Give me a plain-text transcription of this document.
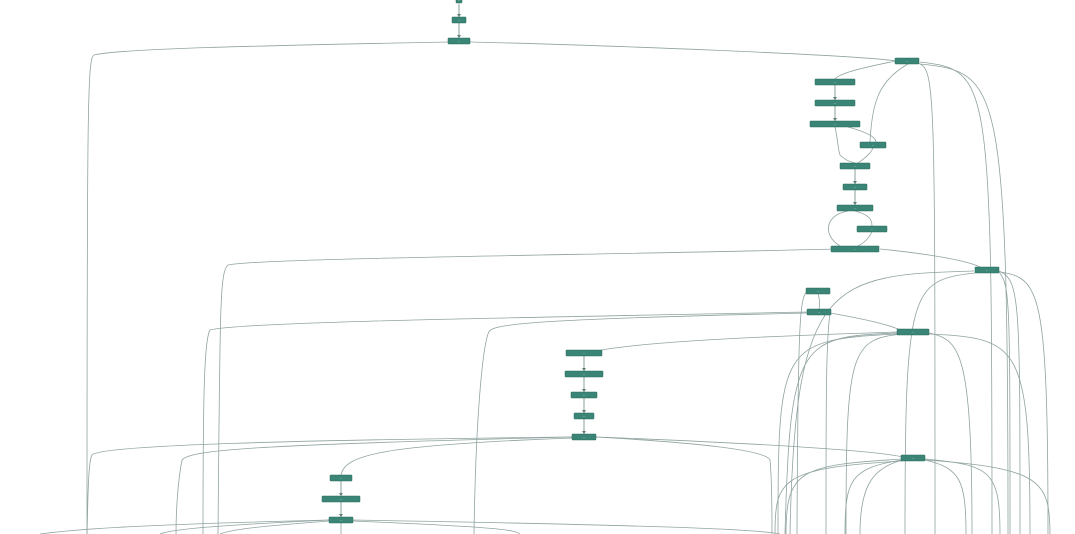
...
...
...
...
...
...
...
...
...
...
...
...
...
...
...
...
...
...
...
...
...
...
...
...
...
...
